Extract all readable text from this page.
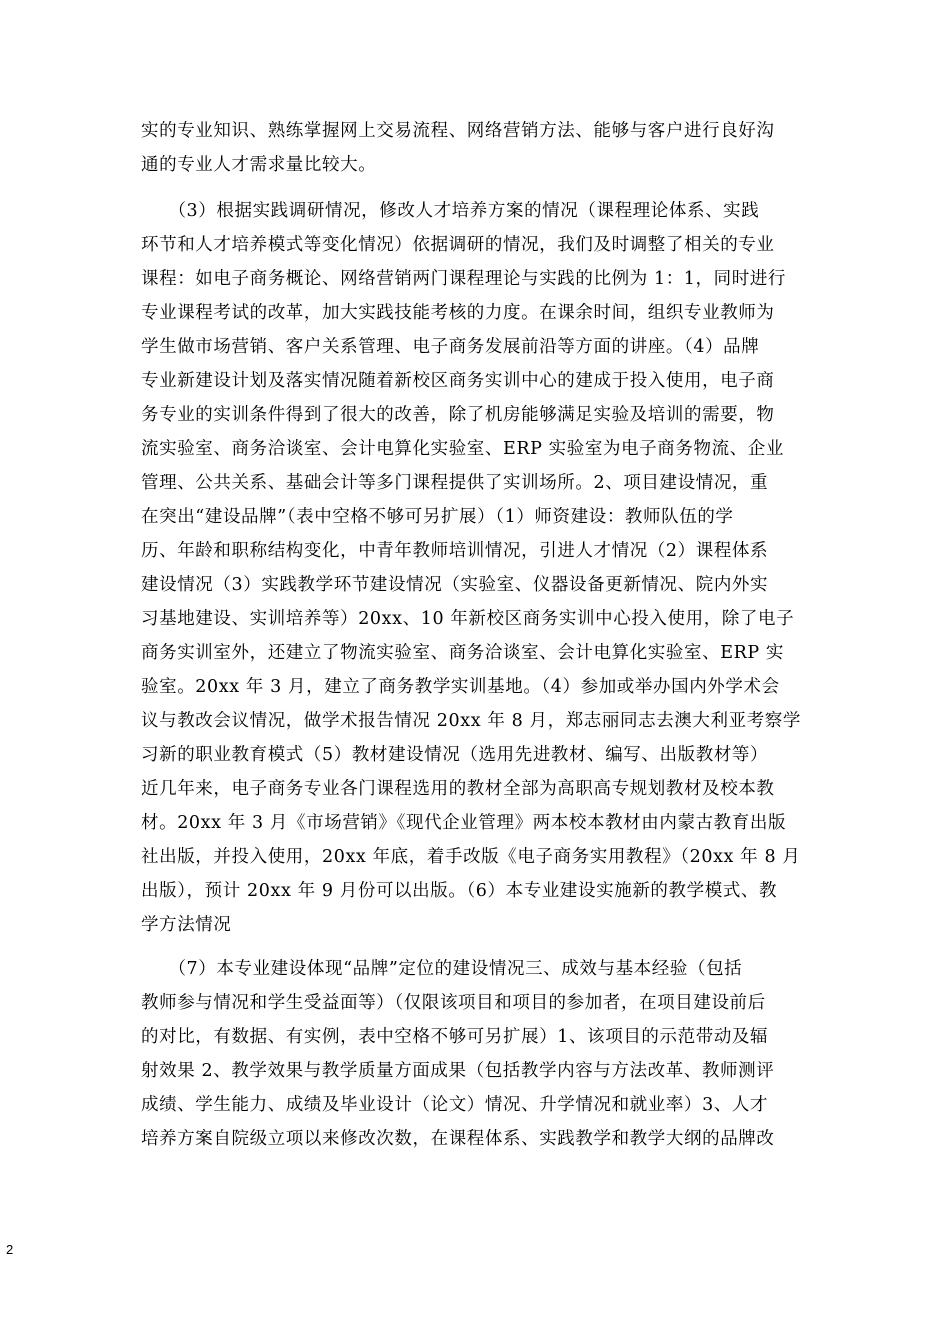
实的专业知识、熟练掌握网上交易流程、网络营销方法、能够与客户进行良好沟
通的专业人才需求量比较大。
　　（3）根据实践调研情况，修改人才培养方案的情况（课程理论体系、实践
环节和人才培养模式等变化情况）依据调研的情况，我们及时调整了相关的专业
课程：如电子商务概论、网络营销两门课程理论与实践的比例为 1：1，同时进行
专业课程考试的改革，加大实践技能考核的力度。在课余时间，组织专业教师为
学生做市场营销、客户关系管理、电子商务发展前沿等方面的讲座。（4）品牌
专业新建设计划及落实情况随着新校区商务实训中心的建成于投入使用，电子商
务专业的实训条件得到了很大的改善，除了机房能够满足实验及培训的需要，物
流实验室、商务洽谈室、会计电算化实验室、ERP 实验室为电子商务物流、企业
管理、公共关系、基础会计等多门课程提供了实训场所。2、项目建设情况，重
在突出“建设品牌”（表中空格不够可另扩展）（1）师资建设：教师队伍的学
历、年龄和职称结构变化，中青年教师培训情况，引进人才情况（2）课程体系
建设情况（3）实践教学环节建设情况（实验室、仪器设备更新情况、院内外实
习基地建设、实训培养等）20xx、10 年新校区商务实训中心投入使用，除了电子
商务实训室外，还建立了物流实验室、商务洽谈室、会计电算化实验室、ERP 实
验室。20xx 年 3 月，建立了商务教学实训基地。（4）参加或举办国内外学术会
议与教改会议情况，做学术报告情况 20xx 年 8 月，郑志丽同志去澳大利亚考察学
习新的职业教育模式（5）教材建设情况（选用先进教材、编写、出版教材等）
近几年来，电子商务专业各门课程选用的教材全部为高职高专规划教材及校本教
材。20xx 年 3 月《市场营销》《现代企业管理》两本校本教材由内蒙古教育出版
社出版，并投入使用，20xx 年底，着手改版《电子商务实用教程》（20xx 年 8 月
出版），预计 20xx 年 9 月份可以出版。（6）本专业建设实施新的教学模式、教
学方法情况
　　（7）本专业建设体现“品牌”定位的建设情况三、成效与基本经验（包括
教师参与情况和学生受益面等）（仅限该项目和项目的参加者，在项目建设前后
的对比，有数据、有实例，表中空格不够可另扩展）1、该项目的示范带动及辐
射效果 2、教学效果与教学质量方面成果（包括教学内容与方法改革、教师测评
成绩、学生能力、成绩及毕业设计（论文）情况、升学情况和就业率）3、人才
培养方案自院级立项以来修改次数，在课程体系、实践教学和教学大纲的品牌改
2
